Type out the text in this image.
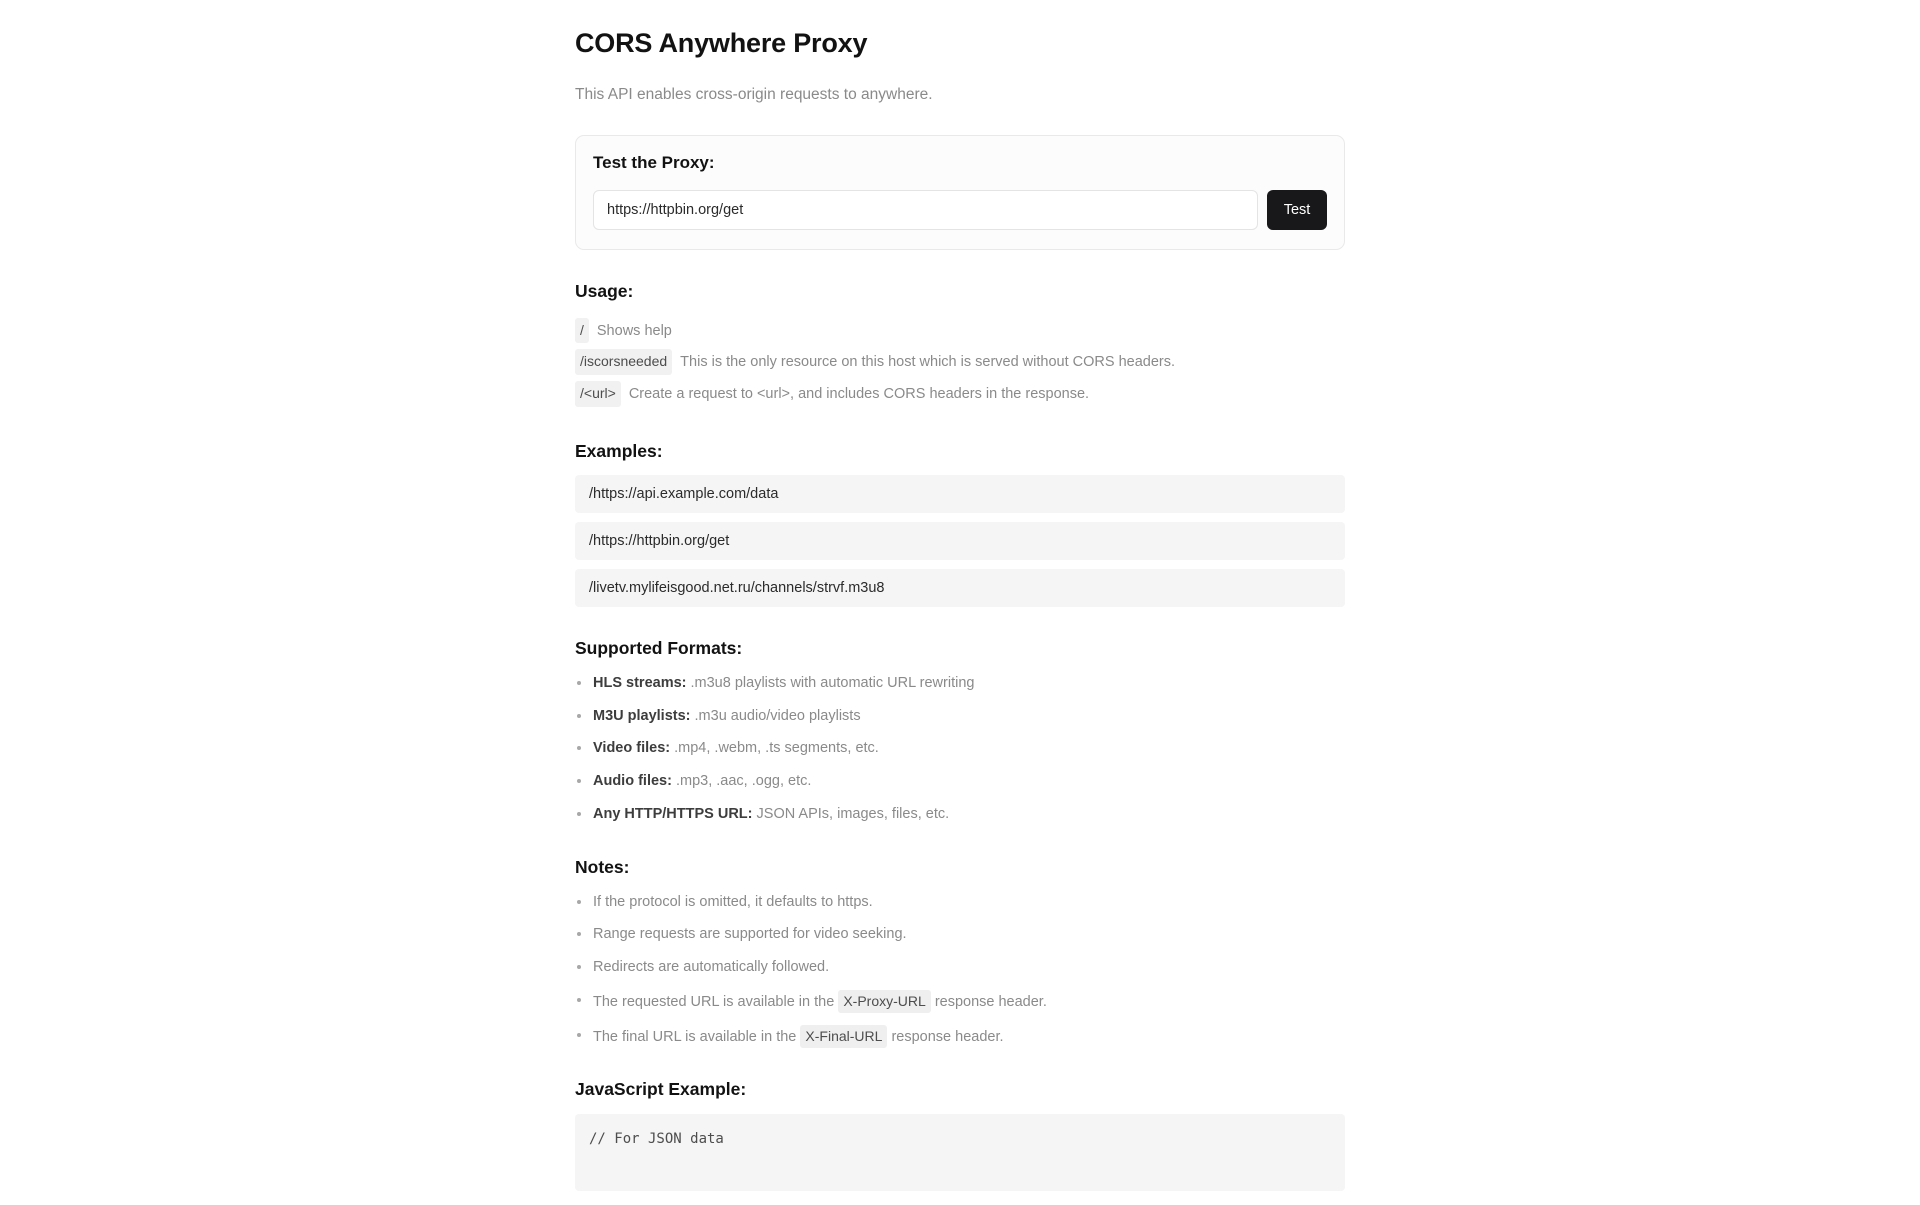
CORS Anywhere Proxy

This API enables cross-origin requests to anywhere.

Test the Proxy:
https://httpbin.org/get
Test
Usage:
/ Shows help
/iscorsneeded This is the only resource on this host which is served without CORS headers.
/<url> Create a request to <url>, and includes CORS headers in the response.
Examples:
/https://api.example.com/data
/https://httpbin.org/get
/livetv.mylifeisgood.net.ru/channels/strvf.m3u8
Supported Formats:
HLS streams: .m3u8 playlists with automatic URL rewriting
M3U playlists: .m3u audio/video playlists
Video files: .mp4, .webm, .ts segments, etc.
Audio files: .mp3, .aac, .ogg, etc.
Any HTTP/HTTPS URL: JSON APIs, images, files, etc.
Notes:
If the protocol is omitted, it defaults to https.
Range requests are supported for video seeking.
Redirects are automatically followed.
The requested URL is available in the X-Proxy-URL response header.
The final URL is available in the X-Final-URL response header.
JavaScript Example:
// For JSON data
